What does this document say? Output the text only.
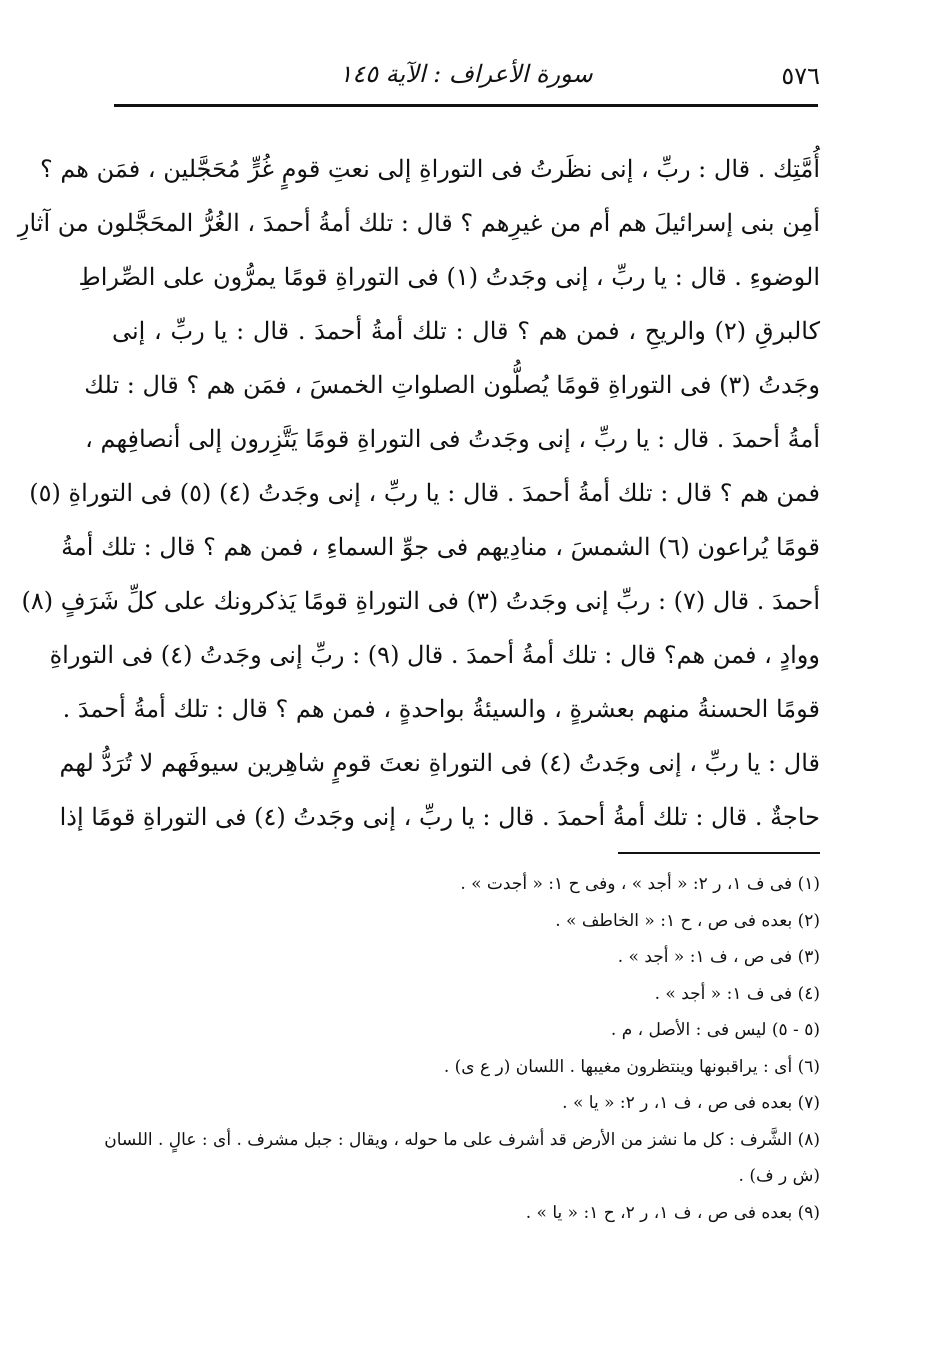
٥٧٦
سورة الأعراف : الآية ١٤٥
أُمَّتِك . قال : ربِّ ، إنى نظَرتُ فى التوراةِ إلى نعتِ قومٍ غُرٍّ مُحَجَّلين ، فمَن هم ؟
أمِن بنى إسرائيلَ هم أم من غيرِهم ؟ قال : تلك أمةُ أحمدَ ، الغُرُّ المحَجَّلون من آثارِ
الوضوءِ . قال : يا ربِّ ، إنى وجَدتُ (١) فى التوراةِ قومًا يمرُّون على الصِّراطِ
كالبرقِ (٢) والريحِ ، فمن هم ؟ قال : تلك أمةُ أحمدَ . قال : يا ربِّ ، إنى
وجَدتُ (٣) فى التوراةِ قومًا يُصلُّون الصلواتِ الخمسَ ، فمَن هم ؟ قال : تلك
أمةُ أحمدَ . قال : يا ربِّ ، إنى وجَدتُ فى التوراةِ قومًا يَتَّزِرون إلى أنصافِهم ،
فمن هم ؟ قال : تلك أمةُ أحمدَ . قال : يا ربِّ ، إنى وجَدتُ (٤) (٥) فى التوراةِ (٥)
قومًا يُراعون (٦) الشمسَ ، منادِيهم فى جوِّ السماءِ ، فمن هم ؟ قال : تلك أمةُ
أحمدَ . قال (٧) : ربِّ إنى وجَدتُ (٣) فى التوراةِ قومًا يَذكرونك على كلِّ شَرَفٍ (٨)
ووادٍ ، فمن هم؟ قال : تلك أمةُ أحمدَ . قال (٩) : ربِّ إنى وجَدتُ (٤) فى التوراةِ
قومًا الحسنةُ منهم بعشرةٍ ، والسيئةُ بواحدةٍ ، فمن هم ؟ قال : تلك أمةُ أحمدَ .
قال : يا ربِّ ، إنى وجَدتُ (٤) فى التوراةِ نعتَ قومٍ شاهِرين سيوفَهم لا تُرَدُّ لهم
حاجةٌ . قال : تلك أمةُ أحمدَ . قال : يا ربِّ ، إنى وجَدتُ (٤) فى التوراةِ قومًا إذا
(١) فى ف ١، ر ٢: « أجد » ، وفى ح ١: « أجدت » .
(٢) بعده فى ص ، ح ١: « الخاطف » .
(٣) فى ص ، ف ١: « أجد » .
(٤) فى ف ١: « أجد » .
(٥ - ٥) ليس فى : الأصل ، م .
(٦) أى : يراقبونها وينتظرون مغيبها . اللسان (ر ع ى) .
(٧) بعده فى ص ، ف ١، ر ٢: « يا » .
(٨) الشَّرف : كل ما نشز من الأرض قد أشرف على ما حوله ، ويقال : جبل مشرف . أى : عالٍ . اللسان
(ش ر ف) .
(٩) بعده فى ص ، ف ١، ر ٢، ح ١: « يا » .
